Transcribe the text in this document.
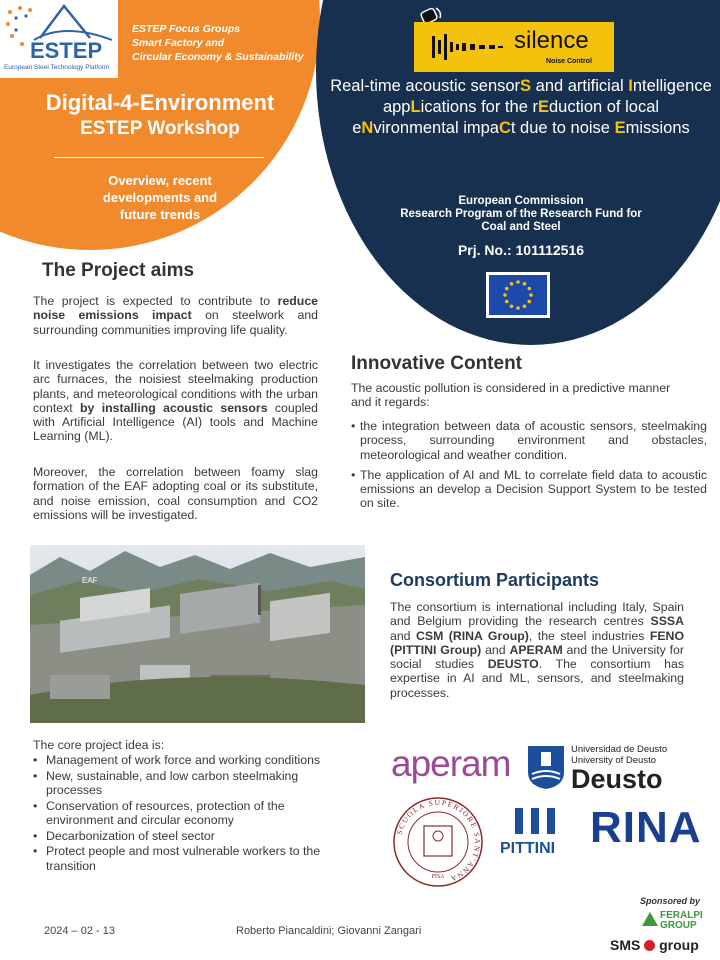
ESTEP
European Steel Technology Platform
ESTEP Focus Groups
Smart Factory and
Circular Economy & Sustainability
Digital-4-Environment
ESTEP Workshop
Overview, recent
developments and
future trends
silence
Noise Control
Real-time acoustic sensorS and artificial Intelligence appLications for the rEduction of local eNvironmental impaCt due to noise Emissions
European Commission
Research Program of the Research Fund for
Coal and Steel
Prj. No.: 101112516
The Project aims
The project is expected to contribute to reduce noise emissions impact on steelwork and surrounding communities improving life quality.
It investigates the correlation between two electric arc furnaces, the noisiest steelmaking production plants, and meteorological conditions with the urban context by installing acoustic sensors coupled with Artificial Intelligence (AI) tools and Machine Learning (ML).
Moreover, the correlation between foamy slag formation of the EAF adopting coal or its substitute, and noise emission, coal consumption and CO2 emissions will be investigated.
Innovative Content
The acoustic pollution is considered in a predictive manner and it regards:
• the integration between data of acoustic sensors, steelmaking process, surrounding environment and obstacles, meteorological and weather condition.
• The application of AI and ML to correlate field data to acoustic emissions an develop a Decision Support System to be tested on site.
EAF	Consortium Participants
The consortium is international including Italy, Spain and Belgium providing the research centres SSSA and CSM (RINA Group), the steel industries FENO (PITTINI Group) and APERAM and the University for social studies DEUSTO. The consortium has expertise in AI and ML, sensors, and steelmaking processes.
The core project idea is:
• Management of work force and working conditions
• New, sustainable, and low carbon steelmaking processes
• Conservation of resources, protection of the environment and circular economy
• Decarbonization of steel sector
• Protect people and most vulnerable workers to the transition
aperam	Universidad de Deusto
University of Deusto
Deusto
SCUOLA SUPERIORE SANT'ANNA
PISA
PITTINI RINA
2024 – 02 - 13	Roberto Piancaldini; Giovanni Zangari
Sponsored by
FERALPI
GROUP
SMS group
